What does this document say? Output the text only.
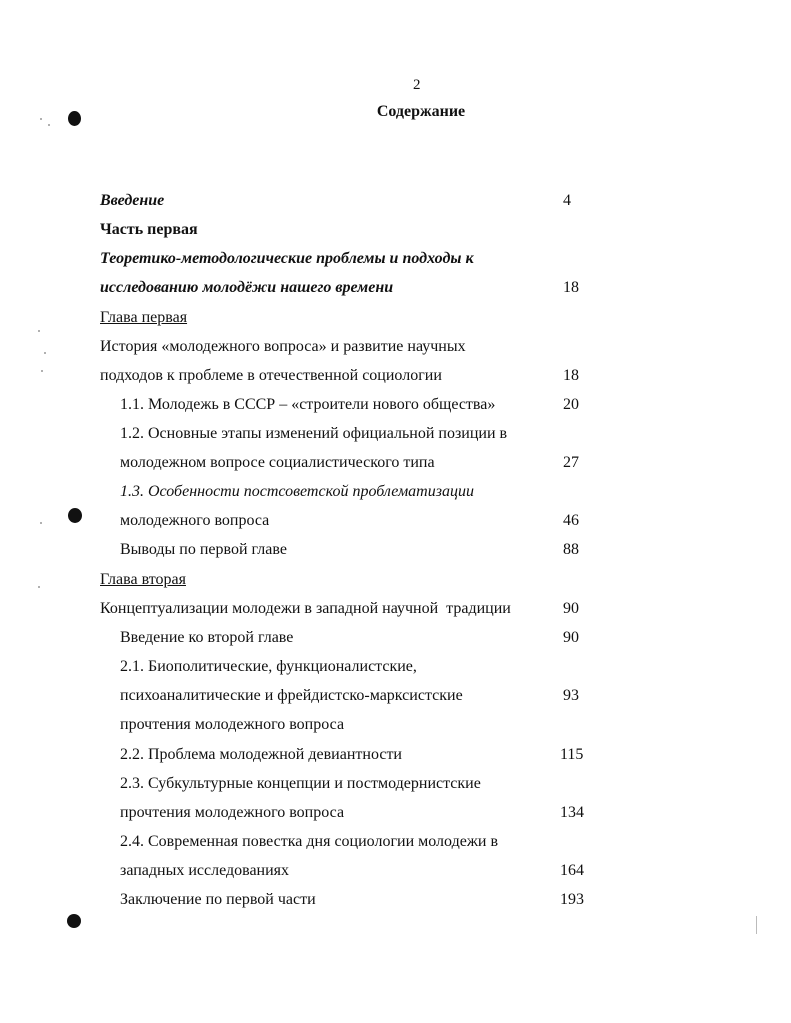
2
Содержание
Введение	4
Часть первая
Теоретико-методологические проблемы и подходы к
исследованию молодёжи нашего времени	18
Глава первая
История «молодежного вопроса» и развитие научных
подходов к проблеме в отечественной социологии	18
1.1. Молодежь в СССР – «строители нового общества»	20
1.2. Основные этапы изменений официальной позиции в
молодежном вопросе социалистического типа	27
1.3. Особенности постсоветской проблематизации
молодежного вопроса	46
Выводы по первой главе	88
Глава вторая
Концептуализации молодежи в западной научной  традиции	90
Введение ко второй главе	90
2.1. Биополитические, функционалистские,
психоаналитические и фрейдистско-марксистские	93
прочтения молодежного вопроса
2.2. Проблема молодежной девиантности	115
2.3. Субкультурные концепции и постмодернистские
прочтения молодежного вопроса	134
2.4. Современная повестка дня социологии молодежи в
западных исследованиях	164
Заключение по первой части	193
